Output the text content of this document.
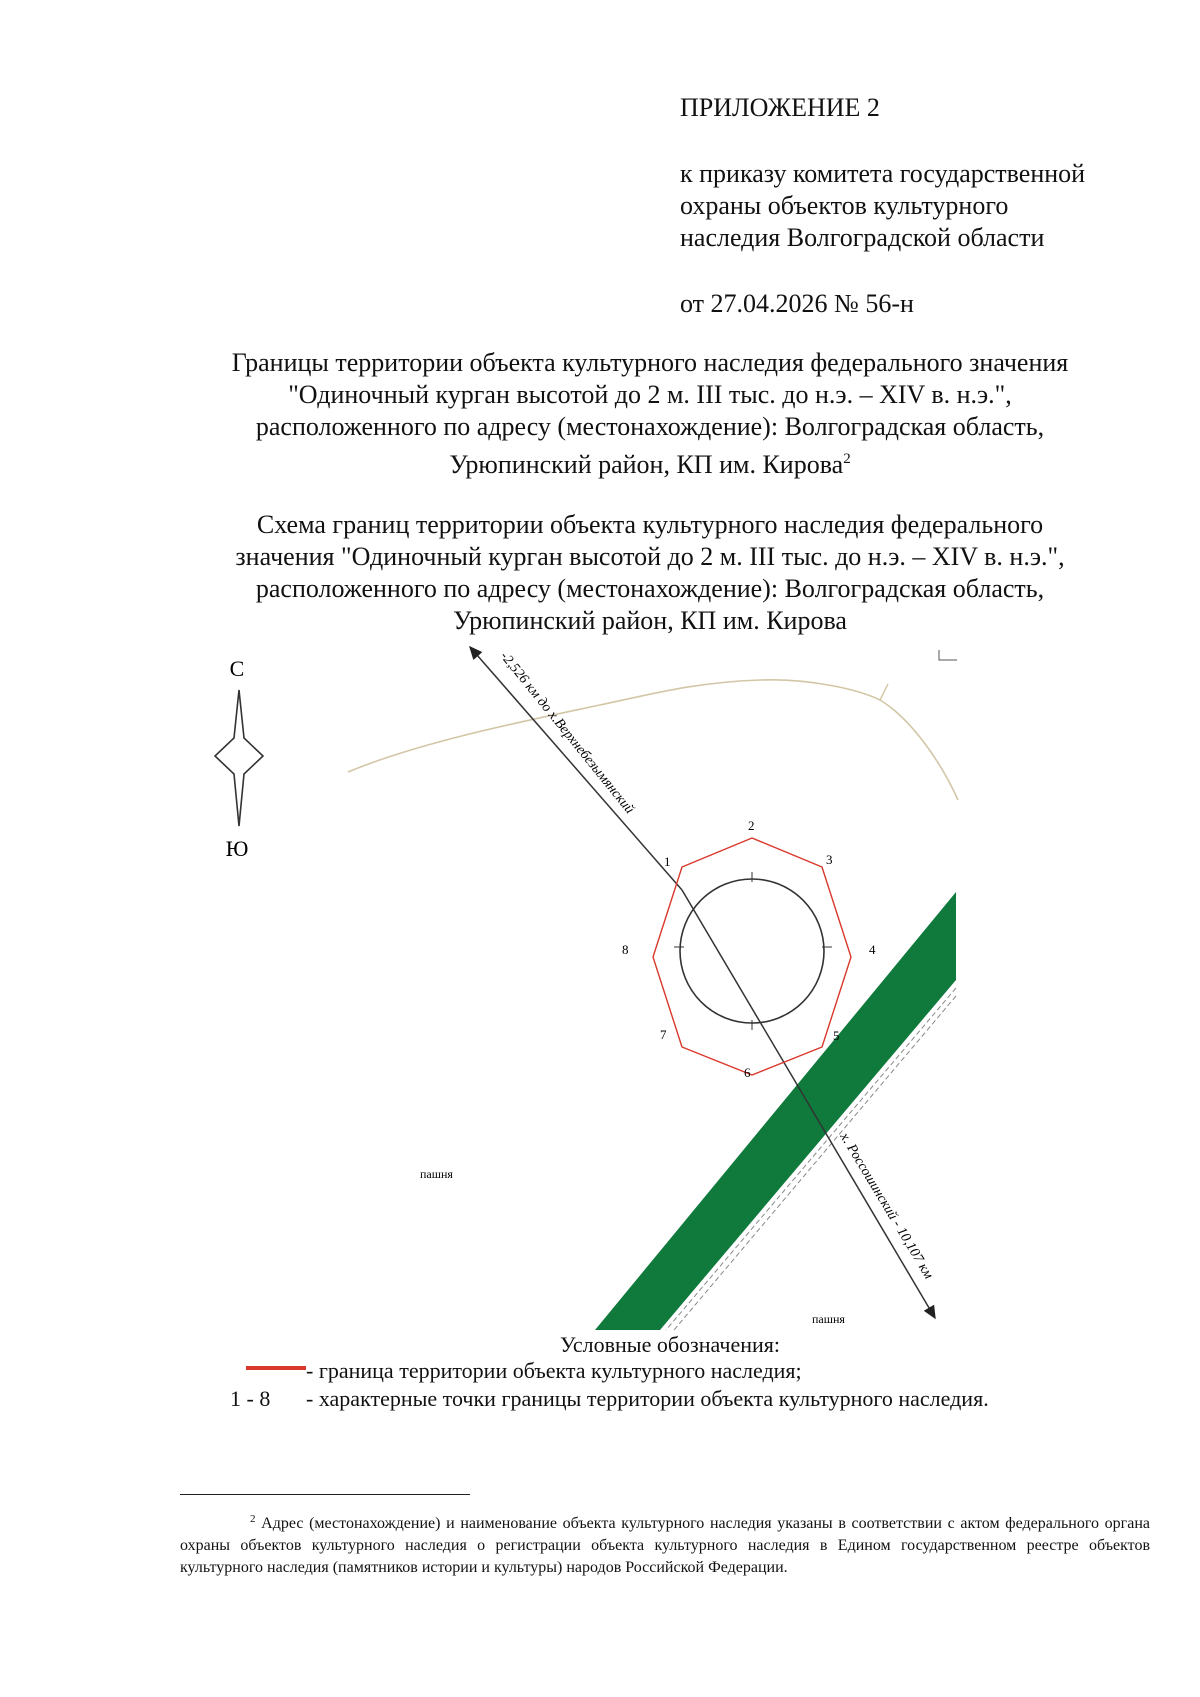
ПРИЛОЖЕНИЕ 2
к приказу комитета государственной
охраны объектов культурного
наследия Волгоградской области
от 27.04.2026 № 56-н
Границы территории объекта культурного наследия федерального значения
"Одиночный курган высотой до 2 м. III тыс. до н.э. – XIV в. н.э.",
расположенного по адресу (местонахождение): Волгоградская область,
Урюпинский район, КП им. Кирова$^2$
Схема границ территории объекта культурного наследия федерального
значения "Одиночный курган высотой до 2 м. III тыс. до н.э. – XIV в. н.э.",
расположенного по адресу (местонахождение): Волгоградская область,
Урюпинский район, КП им. Кирова
С
Ю
-2,526 км до х.Верхнебезымянский
х. Россошинский - 10,107 км
1
2
3
4
5
6
7
8
пашня
пашня
Условные обозначения:
- граница территории объекта культурного наследия;
1 - 8 - характерные точки границы территории объекта культурного наследия.
$^2$ Адрес (местонахождение) и наименование объекта культурного наследия указаны в соответствии с актом федерального органа охраны объектов культурного наследия о регистрации объекта культурного наследия в Едином государственном реестре объектов культурного наследия (памятников истории и культуры) народов Российской Федерации.
